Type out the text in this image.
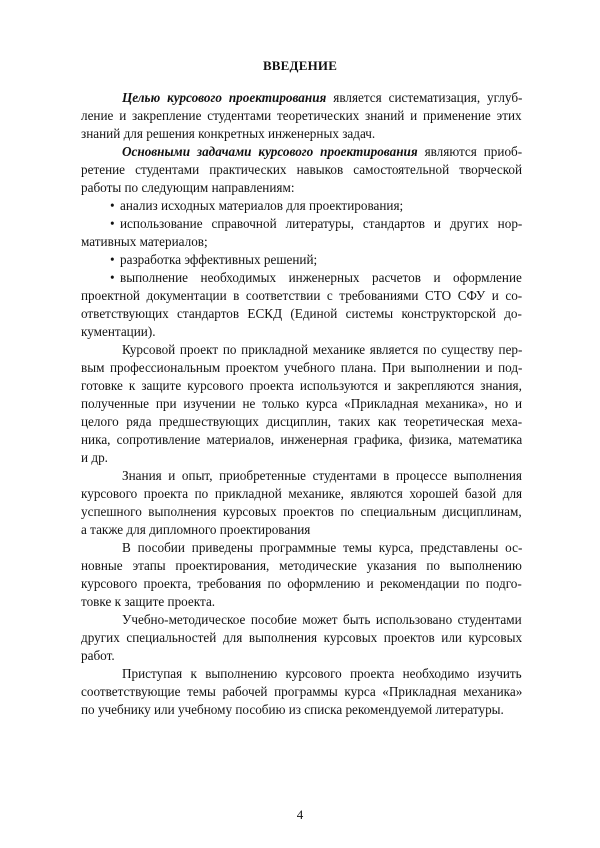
ВВЕДЕНИЕ
Целью курсового проектирования является систематизация, углуб-
ление и закрепление студентами теоретических знаний и применение этих
знаний для решения конкретных инженерных задач.
Основными задачами курсового проектирования являются приоб-
ретение студентами практических навыков самостоятельной творческой
работы по следующим направлениям:
• анализ исходных материалов для проектирования;
• использование справочной литературы, стандартов и других нор-
мативных материалов;
• разработка эффективных решений;
• выполнение необходимых инженерных расчетов и оформление
проектной документации в соответствии с требованиями СТО СФУ и со-
ответствующих стандартов ЕСКД (Единой системы конструкторской до-
кументации).
Курсовой проект по прикладной механике является по существу пер-
вым профессиональным проектом учебного плана. При выполнении и под-
готовке к защите курсового проекта используются и закрепляются знания,
полученные при изучении не только курса «Прикладная механика», но и
целого ряда предшествующих дисциплин, таких как теоретическая меха-
ника, сопротивление материалов, инженерная графика, физика, математика
и др.
Знания и опыт, приобретенные студентами в процессе выполнения
курсового проекта по прикладной механике, являются хорошей базой для
успешного выполнения курсовых проектов по специальным дисциплинам,
а также для дипломного проектирования
В пособии приведены программные темы курса, представлены ос-
новные этапы проектирования, методические указания по выполнению
курсового проекта, требования по оформлению и рекомендации по подго-
товке к защите проекта.
Учебно-методическое пособие может быть использовано студентами
других специальностей для выполнения курсовых проектов или курсовых
работ.
Приступая к выполнению курсового проекта необходимо изучить
соответствующие темы рабочей программы курса «Прикладная механика»
по учебнику или учебному пособию из списка рекомендуемой литературы.
4
